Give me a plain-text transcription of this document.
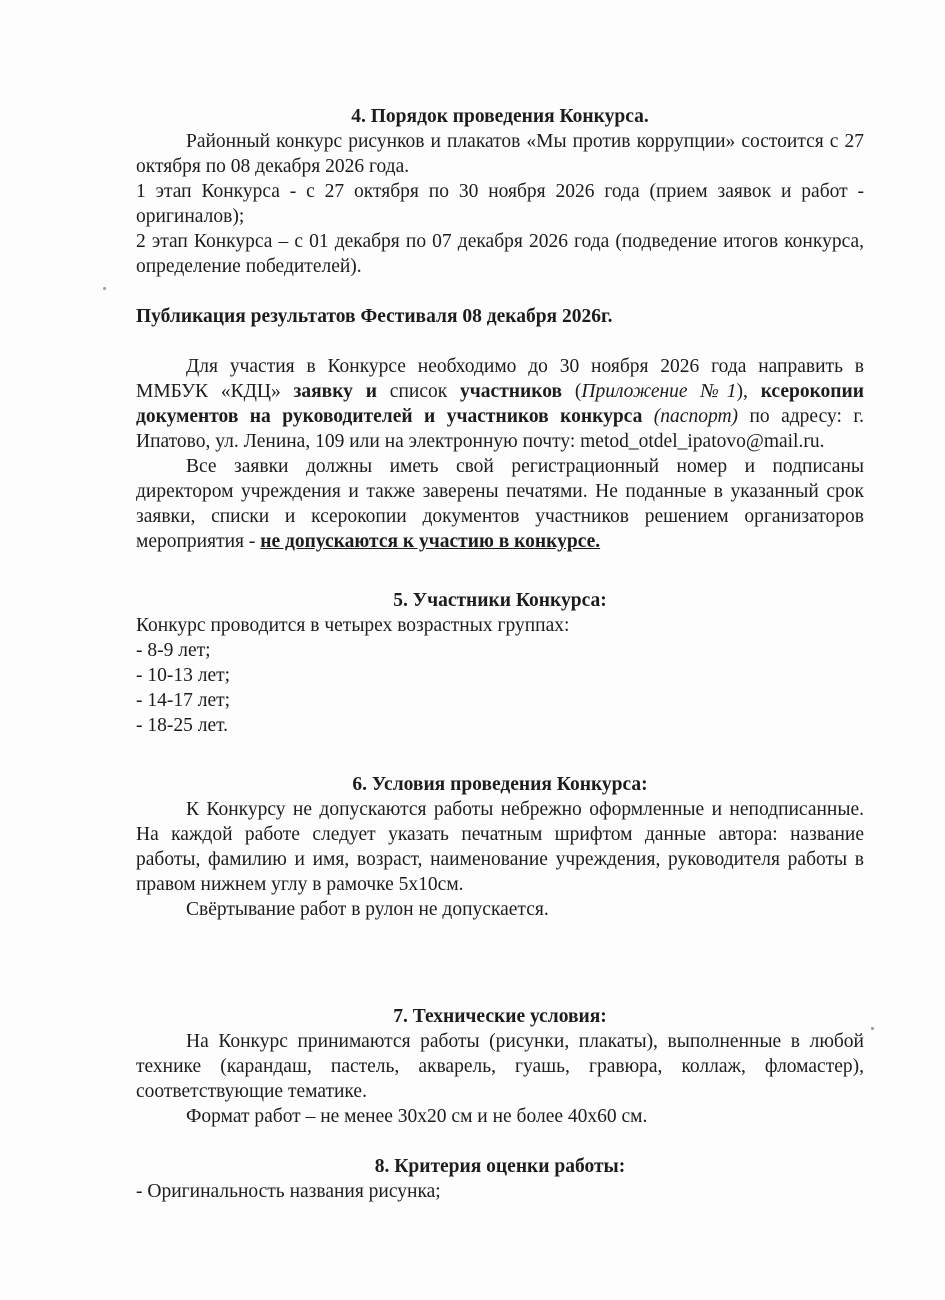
4. Порядок проведения Конкурса.

Районный конкурс рисунков и плакатов «Мы против коррупции» состоится с 27 октября по 08 декабря 2026 года.

1 этап Конкурса - с 27 октября по 30 ноября 2026 года (прием заявок и работ - оригиналов);

2 этап Конкурса – с 01 декабря по 07 декабря 2026 года (подведение итогов конкурса, определение победителей).

Публикация результатов Фестиваля 08 декабря 2026г.

Для участия в Конкурсе необходимо до 30 ноября 2026 года направить в ММБУК «КДЦ» заявку и список участников (Приложение №1), ксерокопии документов на руководителей и участников конкурса (паспорт) по адресу: г. Ипатово, ул. Ленина, 109 или на электронную почту: metod_otdel_ipatovo@mail.ru.

Все заявки должны иметь свой регистрационный номер и подписаны директором учреждения и также заверены печатями. Не поданные в указанный срок заявки, списки и ксерокопии документов участников решением организаторов мероприятия - не допускаются к участию в конкурсе.

5. Участники Конкурса:

Конкурс проводится в четырех возрастных группах:

- 8-9 лет;
- 10-13 лет;
- 14-17 лет;
- 18-25 лет.

6. Условия проведения Конкурса:

К Конкурсу не допускаются работы небрежно оформленные и неподписанные. На каждой работе следует указать печатным шрифтом данные автора: название работы, фамилию и имя, возраст, наименование учреждения, руководителя работы в правом нижнем углу в рамочке 5х10см.

Свёртывание работ в рулон не допускается.

7. Технические условия:

На Конкурс принимаются работы (рисунки, плакаты), выполненные в любой технике (карандаш, пастель, акварель, гуашь, гравюра, коллаж, фломастер), соответствующие тематике.

Формат работ – не менее 30х20 см и не более 40х60 см.

8. Критерия оценки работы:

- Оригинальность названия рисунка;
